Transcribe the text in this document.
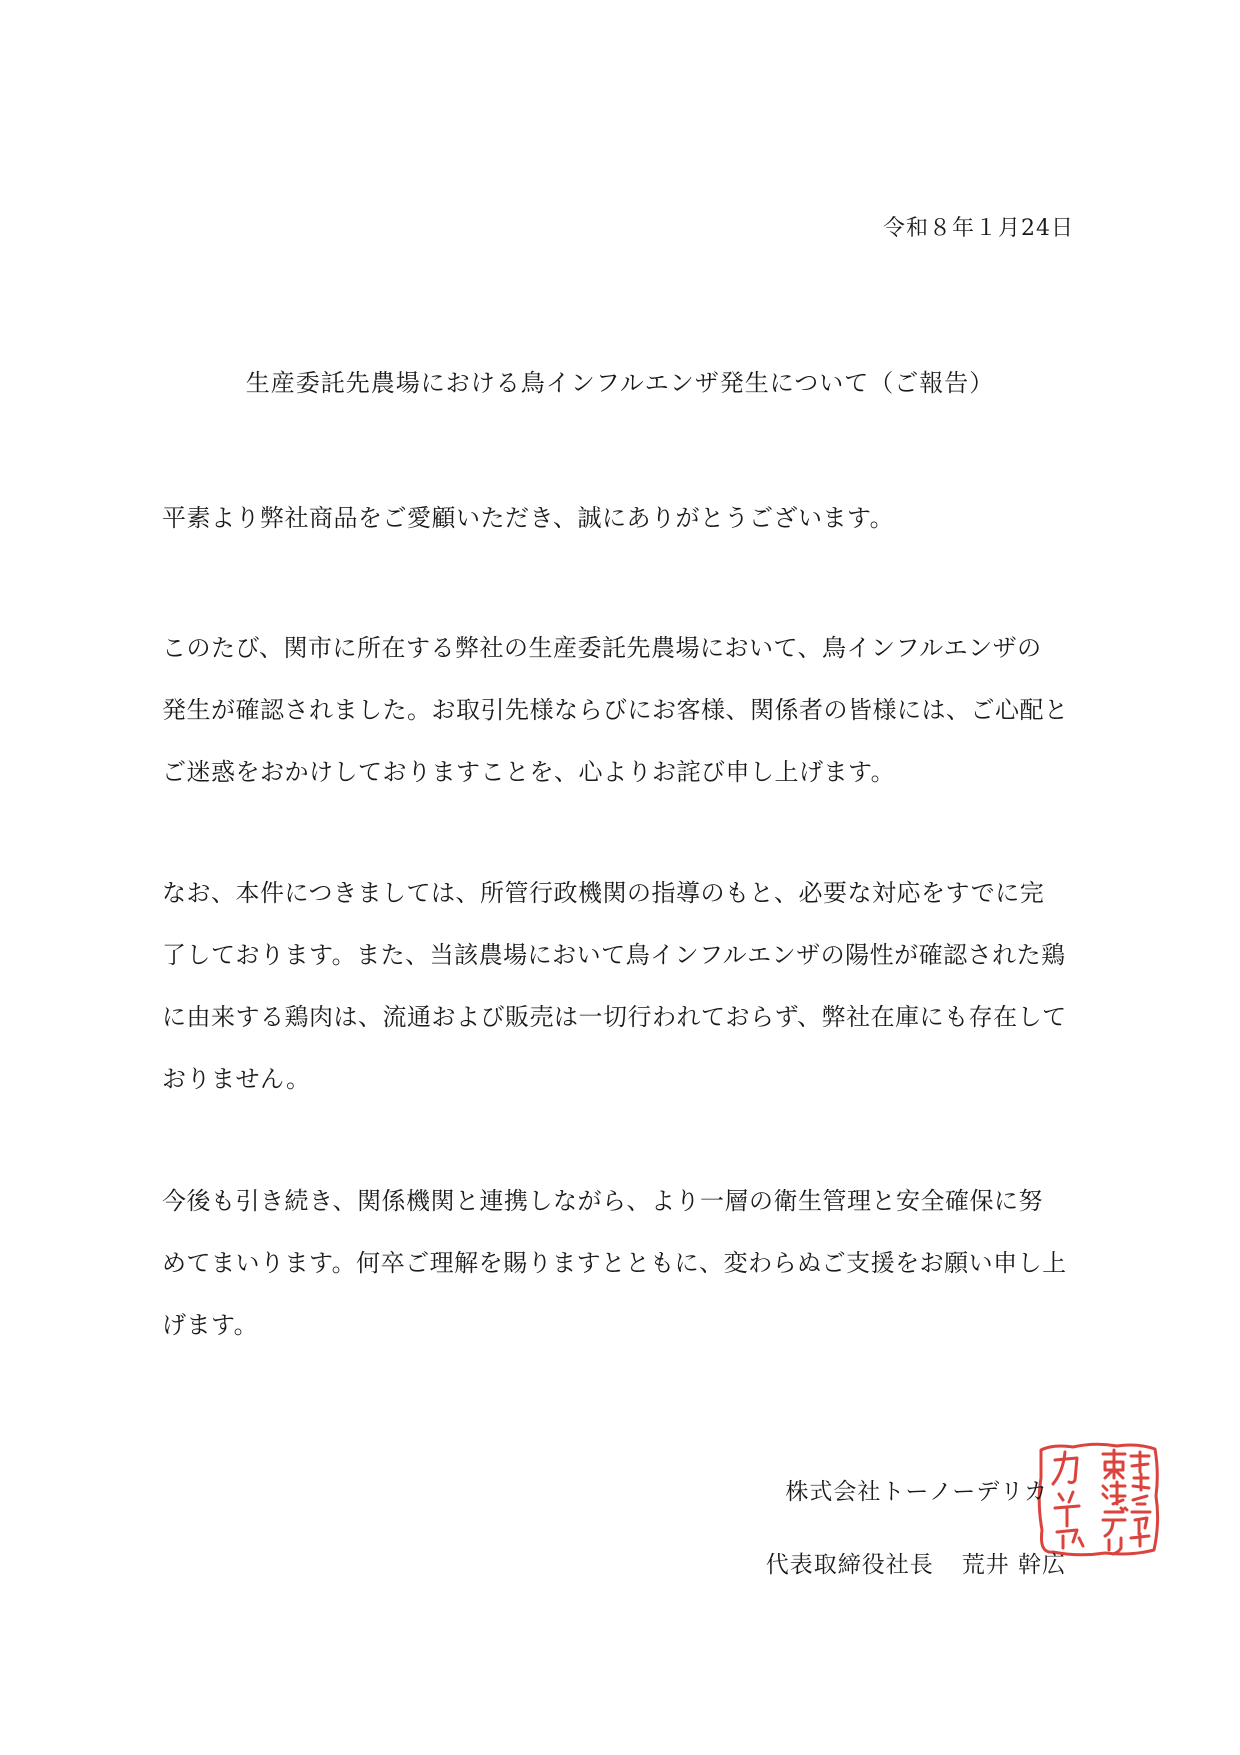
令和８年１月24日
生産委託先農場における鳥インフルエンザ発生について（ご報告）

平素より弊社商品をご愛顧いただき、誠にありがとうございます。

このたび、関市に所在する弊社の生産委託先農場において、鳥インフルエンザの
発生が確認されました。お取引先様ならびにお客様、関係者の皆様には、ご心配と
ご迷惑をおかけしておりますことを、心よりお詫び申し上げます。

なお、本件につきましては、所管行政機関の指導のもと、必要な対応をすでに完
了しております。また、当該農場において鳥インフルエンザの陽性が確認された鶏
に由来する鶏肉は、流通および販売は一切行われておらず、弊社在庫にも存在して
おりません。

今後も引き続き、関係機関と連携しながら、より一層の衛生管理と安全確保に努
めてまいります。何卒ご理解を賜りますとともに、変わらぬご支援をお願い申し上
げます。

株式会社トーノーデリカ
代表取締役社長 荒井 幹広
